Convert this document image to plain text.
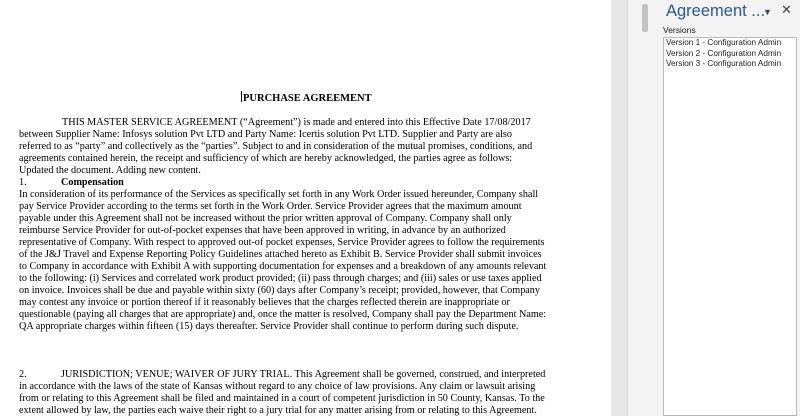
PURCHASE AGREEMENT
THIS MASTER SERVICE AGREEMENT (“Agreement”) is made and entered into this Effective Date 17/08/2017
between Supplier Name: Infosys solution Pvt LTD and Party Name: Icertis solution Pvt LTD. Supplier and Party are also
referred to as “party” and collectively as the “parties”. Subject to and in consideration of the mutual promises, conditions, and
agreements contained herein, the receipt and sufficiency of which are hereby acknowledged, the parties agree as follows:
Updated the document. Adding new content.
1.	Compensation
In consideration of its performance of the Services as specifically set forth in any Work Order issued hereunder, Company shall
pay Service Provider according to the terms set forth in the Work Order. Service Provider agrees that the maximum amount
payable under this Agreement shall not be increased without the prior written approval of Company. Company shall only
reimburse Service Provider for out-of-pocket expenses that have been approved in writing, in advance by an authorized
representative of Company. With respect to approved out-of pocket expenses, Service Provider agrees to follow the requirements
of the J&J Travel and Expense Reporting Policy Guidelines attached hereto as Exhibit B. Service Provider shall submit invoices
to Company in accordance with Exhibit A with supporting documentation for expenses and a breakdown of any amounts relevant
to the following: (i) Services and correlated work product provided; (ii) pass through charges; and (iii) sales or use taxes applied
on invoice. Invoices shall be due and payable within sixty (60) days after Company’s receipt; provided, however, that Company
may contest any invoice or portion thereof if it reasonably believes that the charges reflected therein are inappropriate or
questionable (paying all charges that are appropriate) and, once the matter is resolved, Company shall pay the Department Name:
QA appropriate charges within fifteen (15) days thereafter. Service Provider shall continue to perform during such dispute.
2.	JURISDICTION; VENUE; WAIVER OF JURY TRIAL. This Agreement shall be governed, construed, and interpreted
in accordance with the laws of the state of Kansas without regard to any choice of law provisions. Any claim or lawsuit arising
from or relating to this Agreement shall be filed and maintained in a court of competent jurisdiction in 50 County, Kansas. To the
extent allowed by law, the parties each waive their right to a jury trial for any matter arising from or relating to this Agreement.
Agreement ...
▼ ✕
Versions
Version 1 - Configuration Admin
Version 2 - Configuration Admin
Version 3 - Configuration Admin
